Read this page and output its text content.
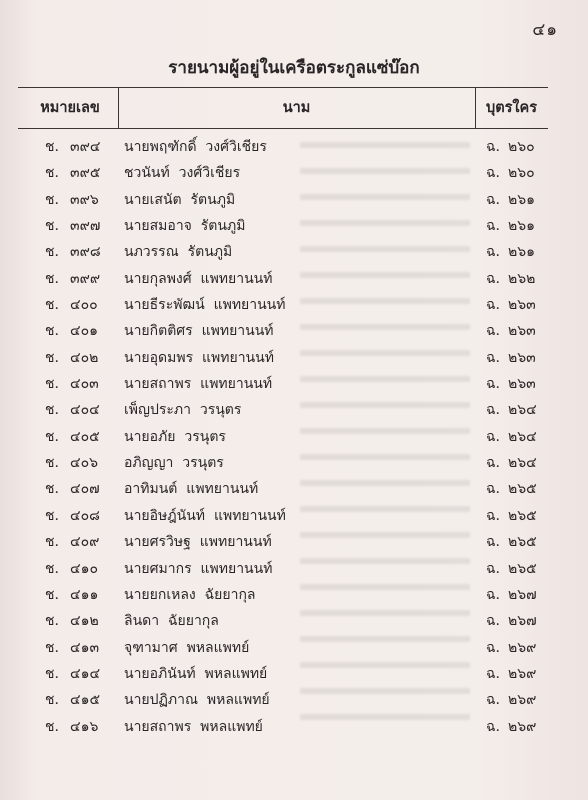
๔๑
รายนามผู้อยู่ในเครือตระกูลแซ่บ๊อก
หมายเลข	นาม	บุตรใคร
ช. ๓๙๔ นายพฤฑักดิ์  วงศ์วิเชียร	ฉ. ๒๖๐
ช. ๓๙๕ ชวนันท์  วงศ์วิเชียร	ฉ. ๒๖๐
ช. ๓๙๖ นายเสนัต  รัตนภูมิ	ฉ. ๒๖๑
ช. ๓๙๗ นายสมอาจ  รัตนภูมิ	ฉ. ๒๖๑
ช. ๓๙๘ นภวรรณ  รัตนภูมิ	ฉ. ๒๖๑
ช. ๓๙๙ นายกุลพงศ์  แพทยานนท์	ฉ. ๒๖๒
ช. ๔๐๐ นายธีระพัฒน์  แพทยานนท์	ฉ. ๒๖๓
ช. ๔๐๑ นายกิตติศร  แพทยานนท์	ฉ. ๒๖๓
ช. ๔๐๒ นายอุดมพร  แพทยานนท์	ฉ. ๒๖๓
ช. ๔๐๓ นายสถาพร  แพทยานนท์	ฉ. ๒๖๓
ช. ๔๐๔ เพ็ญประภา  วรนุตร	ฉ. ๒๖๔
ช. ๔๐๕ นายอภัย  วรนุตร	ฉ. ๒๖๔
ช. ๔๐๖ อภิญญา  วรนุตร	ฉ. ๒๖๔
ช. ๔๐๗ อาทิมนต์  แพทยานนท์	ฉ. ๒๖๕
ช. ๔๐๘ นายอิษฎ์นันท์  แพทยานนท์	ฉ. ๒๖๕
ช. ๔๐๙ นายศรวิษฐ  แพทยานนท์	ฉ. ๒๖๕
ช. ๔๑๐ นายศมากร  แพทยานนท์	ฉ. ๒๖๕
ช. ๔๑๑ นายยกเหลง  ฉัยยากุล	ฉ. ๒๖๗
ช. ๔๑๒ ลินดา  ฉัยยากุล	ฉ. ๒๖๗
ช. ๔๑๓ จุฑามาศ  พหลแพทย์	ฉ. ๒๖๙
ช. ๔๑๔ นายอภินันท์  พหลแพทย์	ฉ. ๒๖๙
ช. ๔๑๕ นายปฏิภาณ  พหลแพทย์	ฉ. ๒๖๙
ช. ๔๑๖ นายสถาพร  พหลแพทย์	ฉ. ๒๖๙
